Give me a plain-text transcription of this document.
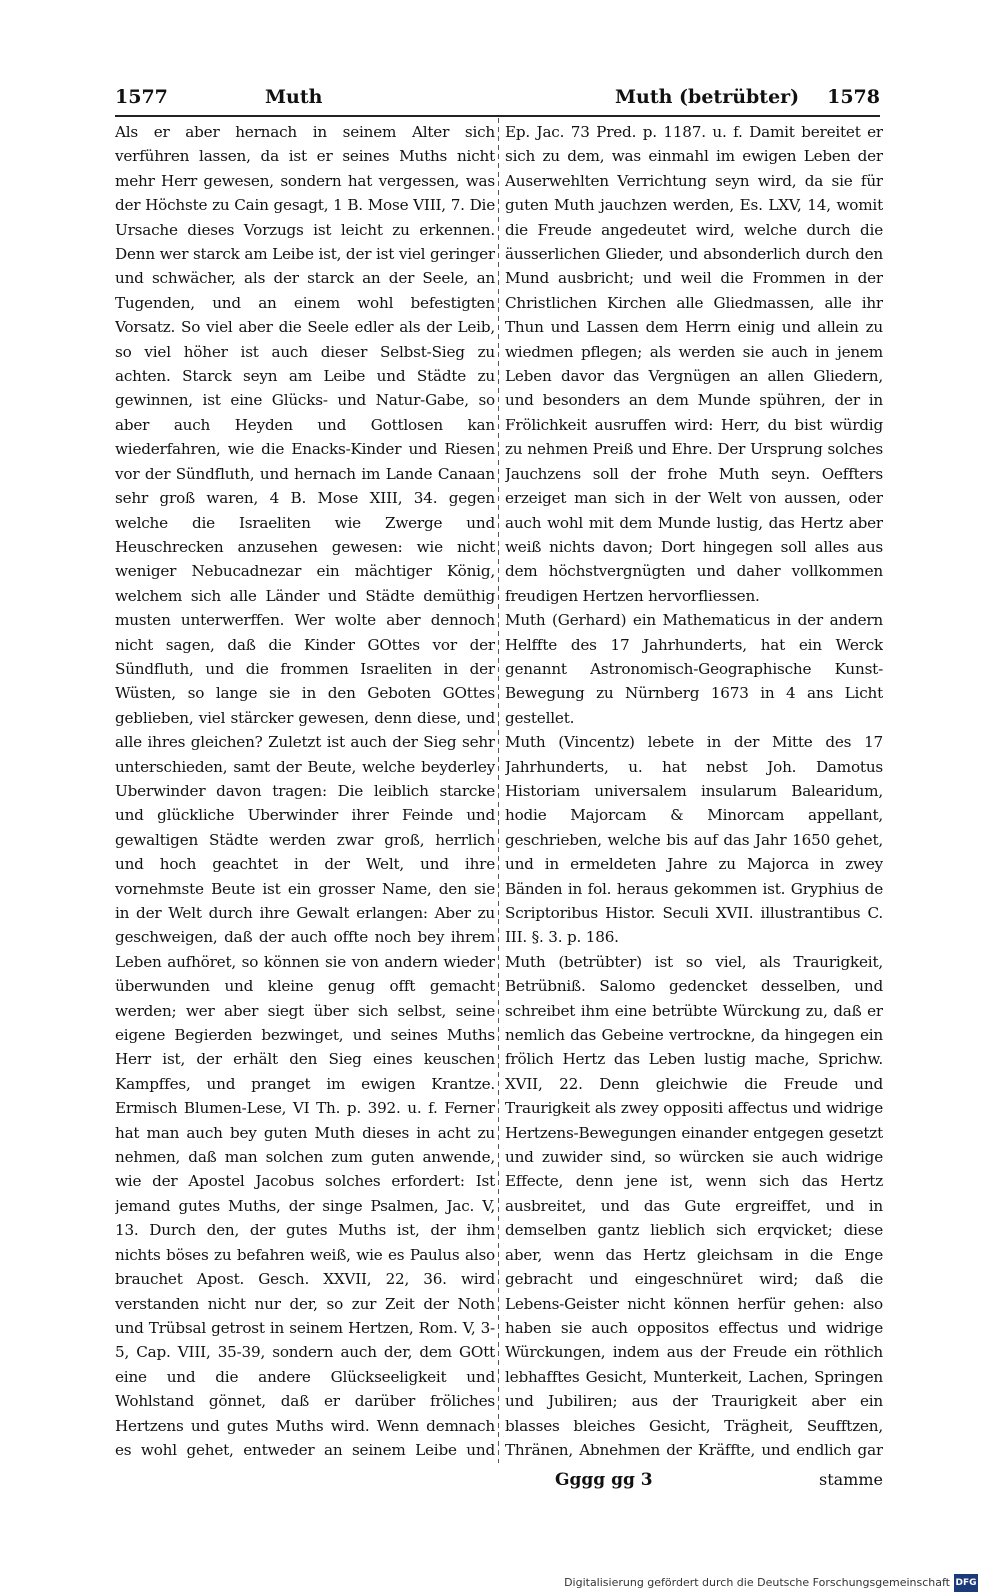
1577	Muth	Muth (betrübter) 1578

Als er aber hernach in seinem Alter sich verführen lassen, da ist er seines Muths nicht mehr Herr gewesen, sondern hat vergessen, was der Höchste zu Cain gesagt, 1 B. Mose VIII, 7. Die Ursache dieses Vorzugs ist leicht zu erkennen. Denn wer starck am Leibe ist, der ist viel geringer und schwächer, als der starck an der Seele, an Tugenden, und an einem wohl befestigten Vorsatz. So viel aber die Seele edler als der Leib, so viel höher ist auch dieser Selbst-Sieg zu achten. Starck seyn am Leibe und Städte zu gewinnen, ist eine Glücks- und Natur-Gabe, so aber auch Heyden und Gottlosen kan wiederfahren, wie die Enacks-Kinder und Riesen vor der Sündfluth, und hernach im Lande Canaan sehr groß waren, 4 B. Mose XIII, 34. gegen welche die Israeliten wie Zwerge und Heuschrecken anzusehen gewesen: wie nicht weniger Nebucadnezar ein mächtiger König, welchem sich alle Länder und Städte demüthig musten unterwerffen. Wer wolte aber dennoch nicht sagen, daß die Kinder GOttes vor der Sündfluth, und die frommen Israeliten in der Wüsten, so lange sie in den Geboten GOttes geblieben, viel stärcker gewesen, denn diese, und alle ihres gleichen? Zuletzt ist auch der Sieg sehr unterschieden, samt der Beute, welche beyderley Uberwinder davon tragen: Die leiblich starcke und glückliche Uberwinder ihrer Feinde und gewaltigen Städte werden zwar groß, herrlich und hoch geachtet in der Welt, und ihre vornehmste Beute ist ein grosser Name, den sie in der Welt durch ihre Gewalt erlangen: Aber zu geschweigen, daß der auch offte noch bey ihrem Leben aufhöret, so können sie von andern wieder überwunden und kleine genug offt gemacht werden; wer aber siegt über sich selbst, seine eigene Begierden bezwinget, und seines Muths Herr ist, der erhält den Sieg eines keuschen Kampffes, und pranget im ewigen Krantze. Ermisch Blumen-Lese, VI Th. p. 392. u. f. Ferner hat man auch bey guten Muth dieses in acht zu nehmen, daß man solchen zum guten anwende, wie der Apostel Jacobus solches erfordert: Ist jemand gutes Muths, der singe Psalmen, Jac. V, 13. Durch den, der gutes Muths ist, der ihm nichts böses zu befahren weiß, wie es Paulus also brauchet Apost. Gesch. XXVII, 22, 36. wird verstanden nicht nur der, so zur Zeit der Noth und Trübsal getrost in seinem Hertzen, Rom. V, 3-5, Cap. VIII, 35-39, sondern auch der, dem GOtt eine und die andere Glückseeligkeit und Wohlstand gönnet, daß er darüber fröliches Hertzens und gutes Muths wird. Wenn demnach es wohl gehet, entweder an seinem Leibe und

Ep. Jac. 73 Pred. p. 1187. u. f. Damit bereitet er sich zu dem, was einmahl im ewigen Leben der Auserwehlten Verrichtung seyn wird, da sie für guten Muth jauchzen werden, Es. LXV, 14, womit die Freude angedeutet wird, welche durch die äusserlichen Glieder, und absonderlich durch den Mund ausbricht; und weil die Frommen in der Christlichen Kirchen alle Gliedmassen, alle ihr Thun und Lassen dem Herrn einig und allein zu wiedmen pflegen; als werden sie auch in jenem Leben davor das Vergnügen an allen Gliedern, und besonders an dem Munde spühren, der in Frölichkeit ausruffen wird: Herr, du bist würdig zu nehmen Preiß und Ehre. Der Ursprung solches Jauchzens soll der frohe Muth seyn. Oeffters erzeiget man sich in der Welt von aussen, oder auch wohl mit dem Munde lustig, das Hertz aber weiß nichts davon; Dort hingegen soll alles aus dem höchstvergnügten und daher vollkommen freudigen Hertzen hervorfliessen.

Muth (Gerhard) ein Mathematicus in der andern Helffte des 17 Jahrhunderts, hat ein Werck genannt Astronomisch-Geographische Kunst-Bewegung zu Nürnberg 1673 in 4 ans Licht gestellet.

Muth (Vincentz) lebete in der Mitte des 17 Jahrhunderts, u. hat nebst Joh. Damotus Historiam universalem insularum Balearidum, hodie Majorcam & Minorcam appellant, geschrieben, welche bis auf das Jahr 1650 gehet, und in ermeldeten Jahre zu Majorca in zwey Bänden in fol. heraus gekommen ist. Gryphius de Scriptoribus Histor. Seculi XVII. illustrantibus C. III. §. 3. p. 186.

Muth (betrübter) ist so viel, als Traurigkeit, Betrübniß. Salomo gedencket desselben, und schreibet ihm eine betrübte Würckung zu, daß er nemlich das Gebeine vertrockne, da hingegen ein frölich Hertz das Leben lustig mache, Sprichw. XVII, 22. Denn gleichwie die Freude und Traurigkeit als zwey oppositi affectus und widrige Hertzens-Bewegungen einander entgegen gesetzt und zuwider sind, so würcken sie auch widrige Effecte, denn jene ist, wenn sich das Hertz ausbreitet, und das Gute ergreiffet, und in demselben gantz lieblich sich erqvicket; diese aber, wenn das Hertz gleichsam in die Enge gebracht und eingeschnüret wird; daß die Lebens-Geister nicht können herfür gehen: also haben sie auch oppositos effectus und widrige Würckungen, indem aus der Freude ein röthlich lebhafftes Gesicht, Munterkeit, Lachen, Springen und Jubiliren; aus der Traurigkeit aber ein blasses bleiches Gesicht, Trägheit, Seufftzen, Thränen, Abnehmen der Kräffte, und endlich gar

Gggg gg 3	stamme
Digitalisierung gefördert durch die Deutsche Forschungsgemeinschaft DFG
